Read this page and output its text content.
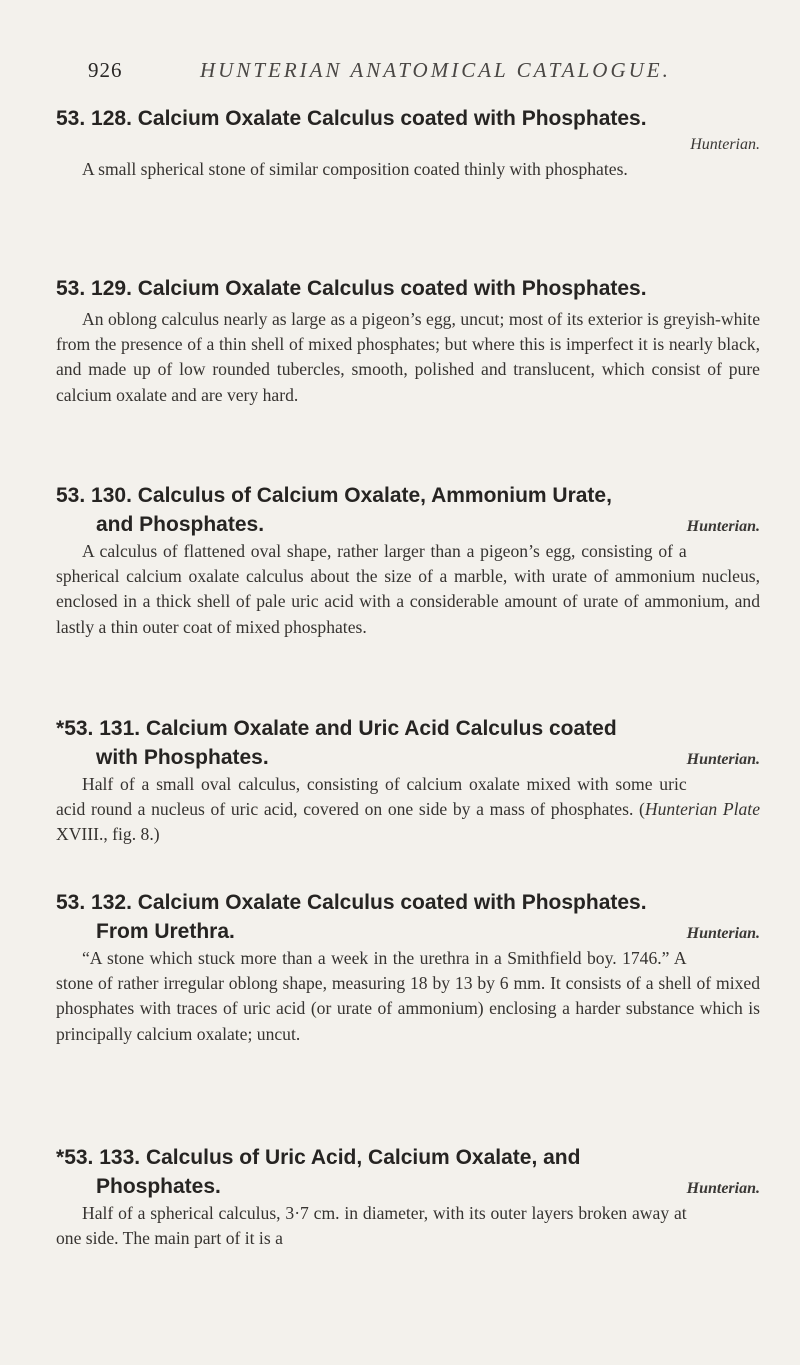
926	HUNTERIAN ANATOMICAL CATALOGUE.
53. 128. Calcium Oxalate Calculus coated with Phosphates.
Hunterian.

A small spherical stone of similar composition coated thinly with phosphates.

53. 129. Calcium Oxalate Calculus coated with Phosphates.

An oblong calculus nearly as large as a pigeon’s egg, uncut; most of its exterior is greyish-white from the presence of a thin shell of mixed phosphates; but where this is imperfect it is nearly black, and made up of low rounded tubercles, smooth, polished and translucent, which consist of pure calcium oxalate and are very hard.

53. 130. Calculus of Calcium Oxalate, Ammonium Urate,
and Phosphates.	Hunterian.

A calculus of flattened oval shape, rather larger than a pigeon’s egg, consisting of a spherical calcium oxalate calculus about the size of a marble, with urate of ammonium nucleus, enclosed in a thick shell of pale uric acid with a considerable amount of urate of ammonium, and lastly a thin outer coat of mixed phosphates.

*53. 131. Calcium Oxalate and Uric Acid Calculus coated
with Phosphates.	Hunterian.

Half of a small oval calculus, consisting of calcium oxalate mixed with some uric acid round a nucleus of uric acid, covered on one side by a mass of phosphates. (Hunterian Plate XVIII., fig. 8.)

53. 132. Calcium Oxalate Calculus coated with Phosphates.
From Urethra.	Hunterian.

“A stone which stuck more than a week in the urethra in a Smithfield boy. 1746.” A stone of rather irregular oblong shape, measuring 18 by 13 by 6 mm. It consists of a shell of mixed phosphates with traces of uric acid (or urate of ammonium) enclosing a harder substance which is principally calcium oxalate; uncut.

*53. 133. Calculus of Uric Acid, Calcium Oxalate, and
Phosphates.	Hunterian.

Half of a spherical calculus, 3·7 cm. in diameter, with its outer layers broken away at one side. The main part of it is a
